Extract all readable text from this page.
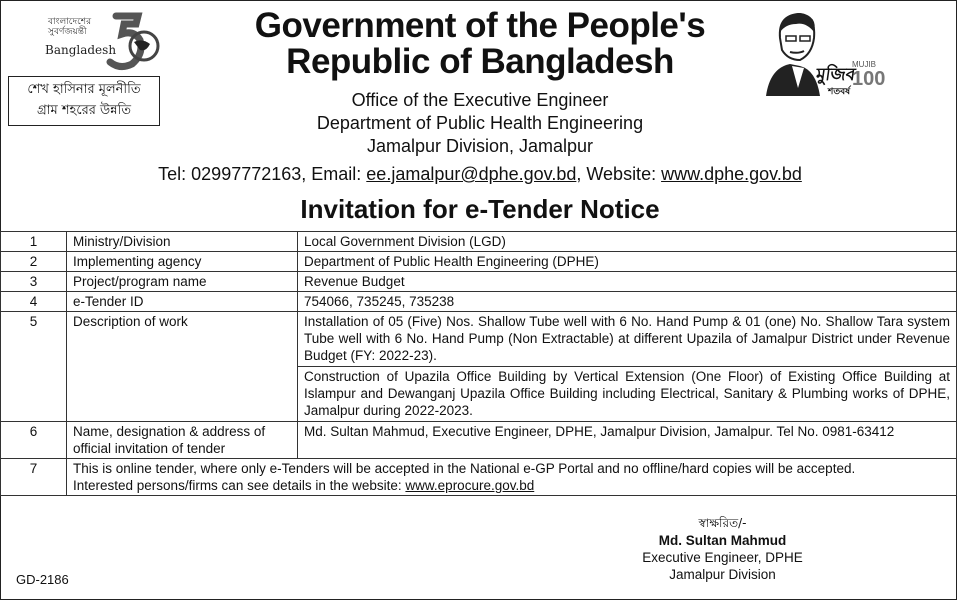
বাংলাদেশের
সুবর্ণজয়ন্তী
Bangladesh
শেখ হাসিনার মূলনীতি
গ্রাম শহরের উন্নতি
Government of the People's
Republic of Bangladesh
Office of the Executive Engineer
Department of Public Health Engineering
Jamalpur Division, Jamalpur
Tel: 02997772163, Email: ee.jamalpur@dphe.gov.bd, Website: www.dphe.gov.bd
মুজিব
শতবর্ষ
MUJIB
100
Invitation for e-Tender Notice
1	Ministry/Division	Local Government Division (LGD)
2	Implementing agency	Department of Public Health Engineering (DPHE)
3	Project/program name	Revenue Budget
4	e-Tender ID	754066, 735245, 735238
5	Description of work	Installation of 05 (Five) Nos. Shallow Tube well with 6 No. Hand Pump & 01 (one) No. Shallow Tara system Tube well with 6 No. Hand Pump (Non Extractable) at different Upazila of Jamalpur District under Revenue Budget (FY: 2022-23).
Construction of Upazila Office Building by Vertical Extension (One Floor) of Existing Office Building at Islampur and Dewanganj Upazila Office Building including Electrical, Sanitary & Plumbing works of DPHE, Jamalpur during 2022-2023.

6	Name, designation & address of official invitation of tender	Md. Sultan Mahmud, Executive Engineer, DPHE, Jamalpur Division, Jamalpur. Tel No. 0981-63412
7	This is online tender, where only e-Tenders will be accepted in the National e-GP Portal and no offline/hard copies will be accepted.
Interested persons/firms can see details in the website: www.eprocure.gov.bd	
স্বাক্ষরিত/-
Md. Sultan Mahmud
Executive Engineer, DPHE
Jamalpur Division
GD-2186
